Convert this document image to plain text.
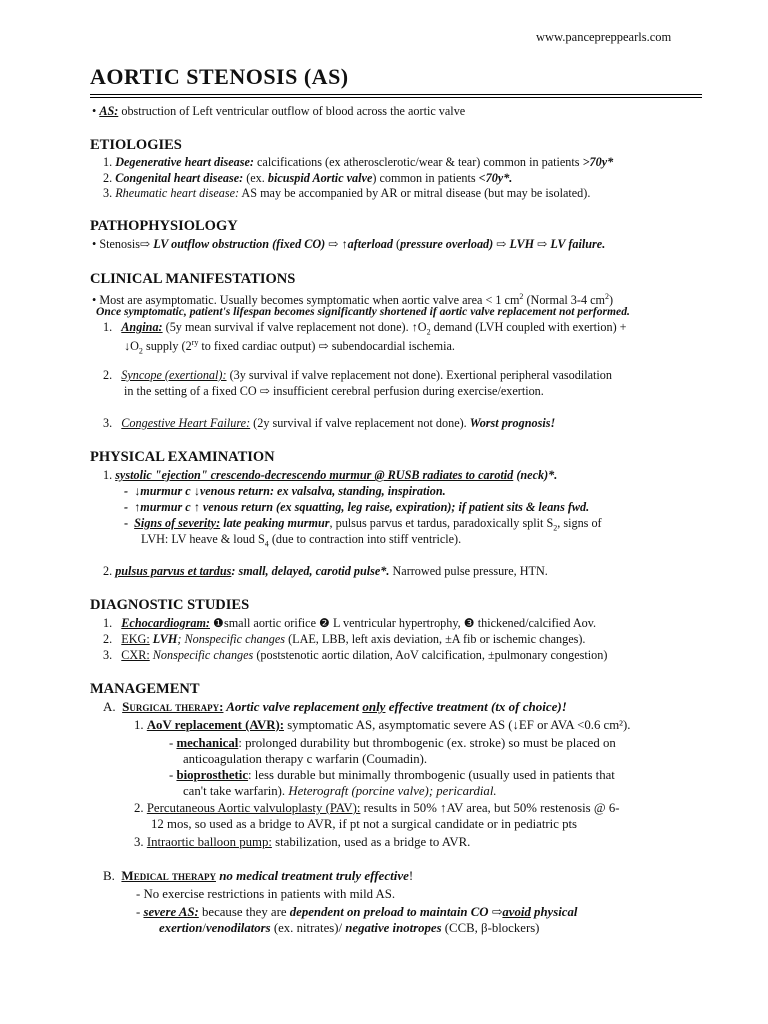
www.pancepreppearls.com
AORTIC STENOSIS (AS)
• AS: obstruction of Left ventricular outflow of blood across the aortic valve
ETIOLOGIES
1. Degenerative heart disease: calcifications (ex atherosclerotic/wear & tear) common in patients >70y*
2. Congenital heart disease: (ex. bicuspid Aortic valve) common in patients <70y*.
3. Rheumatic heart disease: AS may be accompanied by AR or mitral disease (but may be isolated).
PATHOPHYSIOLOGY
• Stenosis⇨ LV outflow obstruction (fixed CO) ⇨ ↑afterload (pressure overload) ⇨ LVH ⇨ LV failure.
CLINICAL MANIFESTATIONS
• Most are asymptomatic. Usually becomes symptomatic when aortic valve area < 1 $cm^2$ (Normal 3-4 $cm^2$)
Once symptomatic, patient's lifespan becomes significantly shortened if aortic valve replacement not performed.
1. Angina: (5y mean survival if valve replacement not done). $↑O_2$ demand (LVH coupled with exertion) +
$↓O_2$ supply ($2^{ry}$ to fixed cardiac output) ⇨ subendocardial ischemia.
2. Syncope (exertional): (3y survival if valve replacement not done). Exertional peripheral vasodilation
in the setting of a fixed CO ⇨ insufficient cerebral perfusion during exercise/exertion.
3. Congestive Heart Failure: (2y survival if valve replacement not done). Worst prognosis!
PHYSICAL EXAMINATION
1. systolic "ejection" crescendo-decrescendo murmur @ RUSB radiates to carotid (neck)*.
- ↓murmur c ↓venous return: ex valsalva, standing, inspiration.
- ↑murmur c ↑ venous return (ex squatting, leg raise, expiration); if patient sits & leans fwd.
- Signs of severity: late peaking murmur, pulsus parvus et tardus, paradoxically split $S_2$, signs of
LVH: LV heave & loud $S_4$ (due to contraction into stiff ventricle).
2. pulsus parvus et tardus: small, delayed, carotid pulse*. Narrowed pulse pressure, HTN.
DIAGNOSTIC STUDIES
1. Echocardiogram: ❶small aortic orifice ❷ L ventricular hypertrophy, ❸ thickened/calcified Aov.
2. EKG: LVH; Nonspecific changes (LAE, LBB, left axis deviation, ±A fib or ischemic changes).
3. CXR: Nonspecific changes (poststenotic aortic dilation, AoV calcification, ±pulmonary congestion)
MANAGEMENT
A. Surgical therapy: Aortic valve replacement only effective treatment (tx of choice)!
1. AoV replacement (AVR): symptomatic AS, asymptomatic severe AS (↓EF or AVA <0.6 cm²).
- mechanical: prolonged durability but thrombogenic (ex. stroke) so must be placed on
anticoagulation therapy c warfarin (Coumadin).
- bioprosthetic: less durable but minimally thrombogenic (usually used in patients that
can't take warfarin). Heterograft (porcine valve); pericardial.
2. Percutaneous Aortic valvuloplasty (PAV): results in 50% ↑AV area, but 50% restenosis @ 6-
12 mos, so used as a bridge to AVR, if pt not a surgical candidate or in pediatric pts
3. Intraortic balloon pump: stabilization, used as a bridge to AVR.
B. Medical therapy no medical treatment truly effective!
- No exercise restrictions in patients with mild AS.
- severe AS: because they are dependent on preload to maintain CO ⇨avoid physical
exertion/venodilators (ex. nitrates)/ negative inotropes (CCB, β-blockers)
